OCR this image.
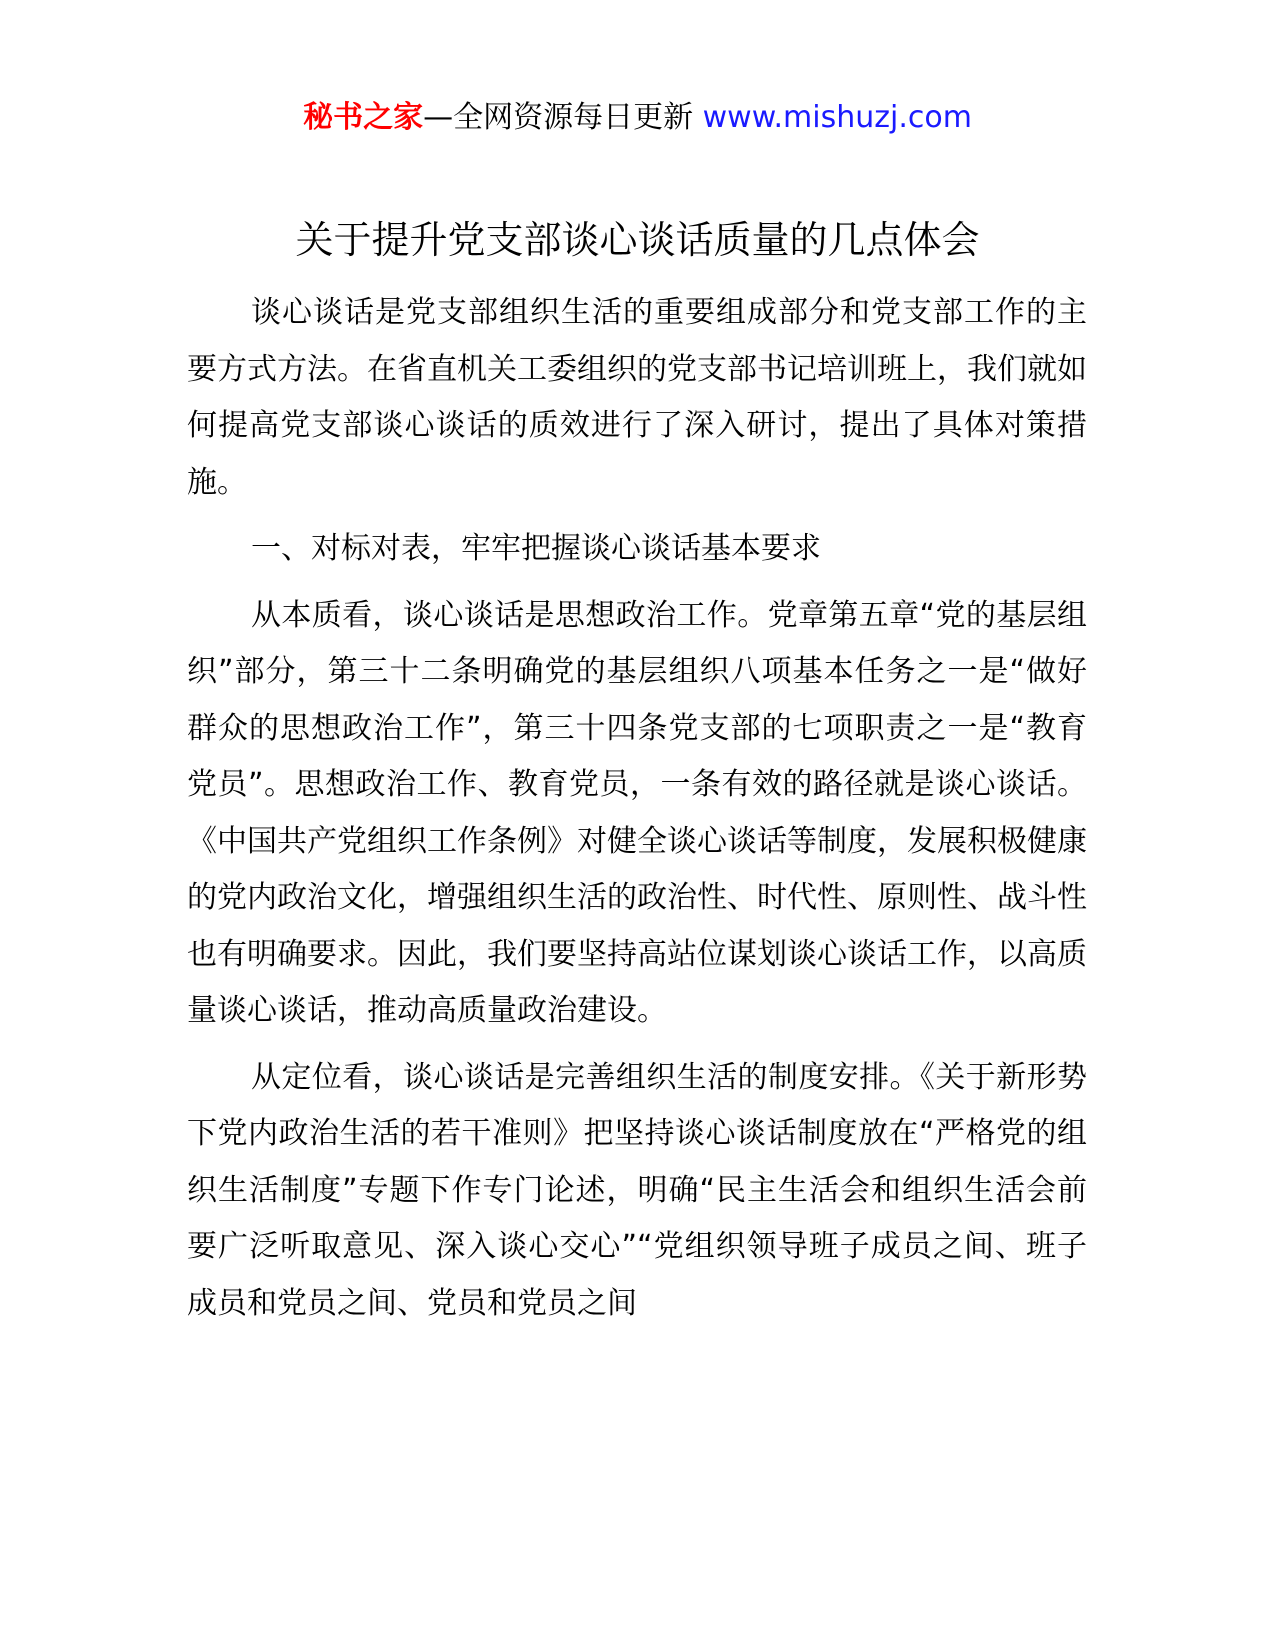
秘书之家—全网资源每日更新 www.mishuzj.com
关于提升党支部谈心谈话质量的几点体会

谈心谈话是党支部组织生活的重要组成部分和党支部工作的主要方式方法。在省直机关工委组织的党支部书记培训班上，我们就如何提高党支部谈心谈话的质效进行了深入研讨，提出了具体对策措施。

一、对标对表，牢牢把握谈心谈话基本要求

从本质看，谈心谈话是思想政治工作。党章第五章“党的基层组织”部分，第三十二条明确党的基层组织八项基本任务之一是“做好群众的思想政治工作”，第三十四条党支部的七项职责之一是“教育党员”。思想政治工作、教育党员，一条有效的路径就是谈心谈话。《中国共产党组织工作条例》对健全谈心谈话等制度，发展积极健康的党内政治文化，增强组织生活的政治性、时代性、原则性、战斗性也有明确要求。因此，我们要坚持高站位谋划谈心谈话工作，以高质量谈心谈话，推动高质量政治建设。

从定位看，谈心谈话是完善组织生活的制度安排。《关于新形势下党内政治生活的若干准则》把坚持谈心谈话制度放在“严格党的组织生活制度”专题下作专门论述，明确“民主生活会和组织生活会前要广泛听取意见、深入谈心交心”“党组织领导班子成员之间、班子成员和党员之间、党员和党员之间
